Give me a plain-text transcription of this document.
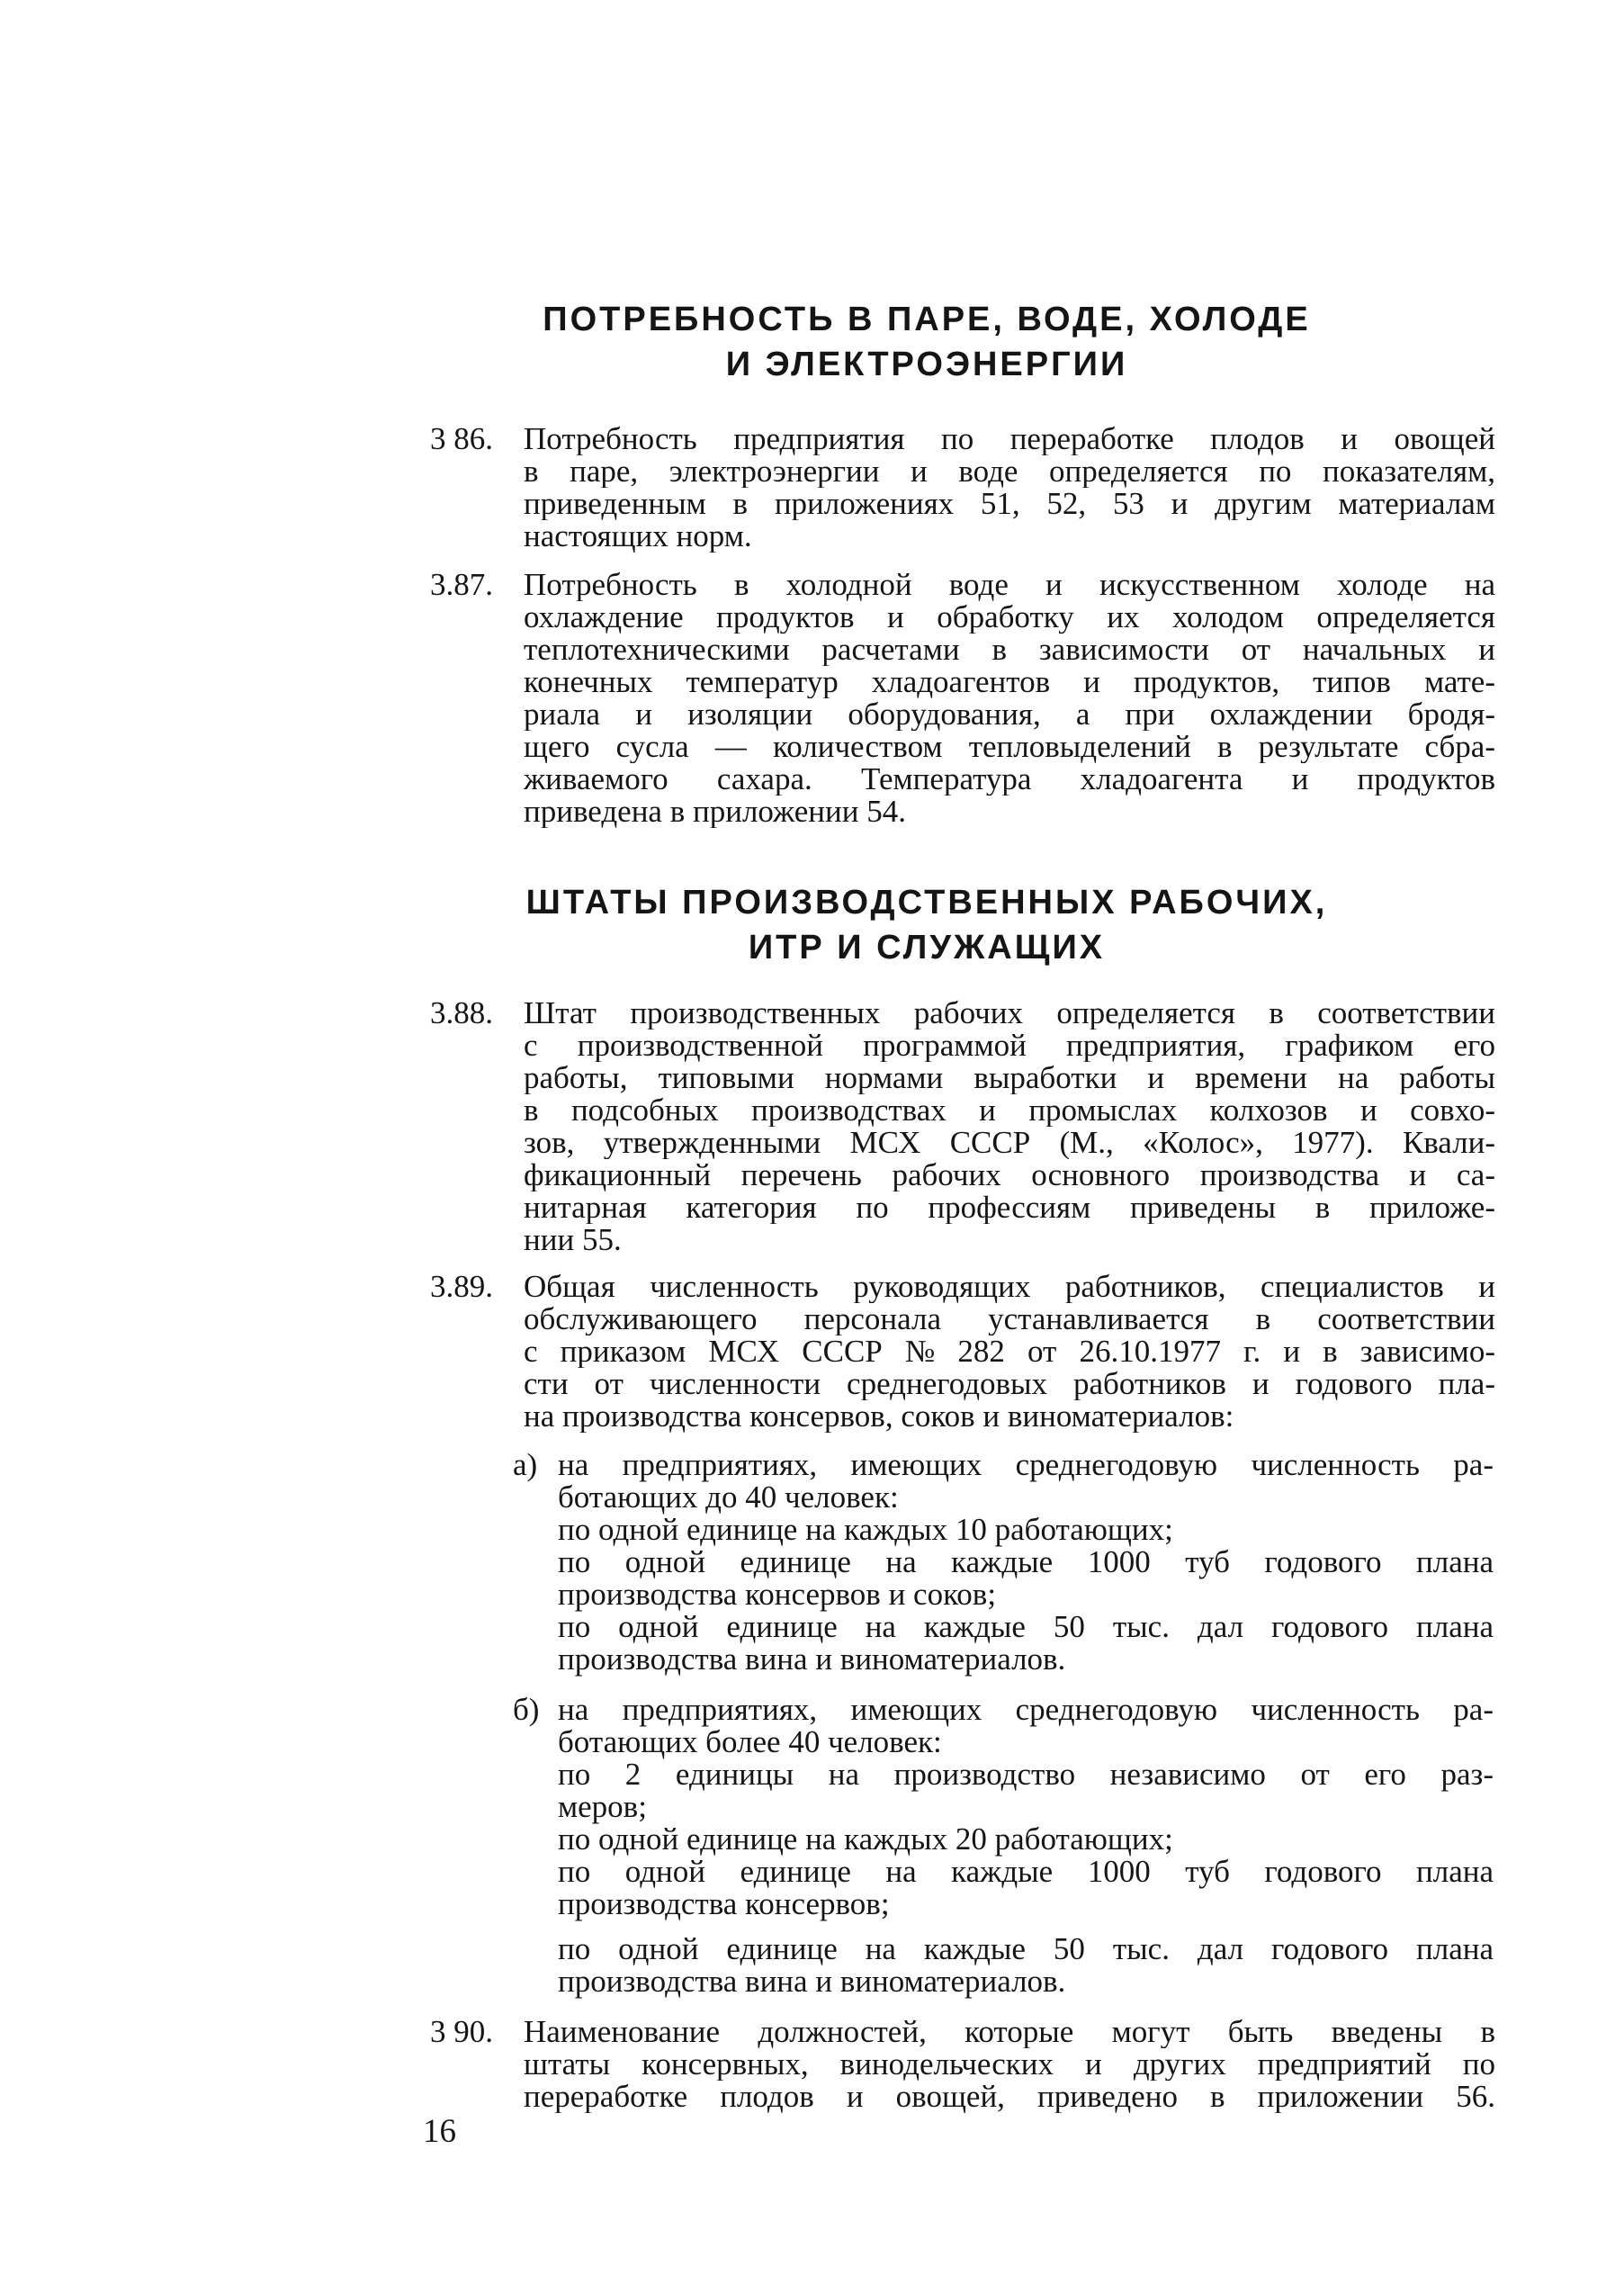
ПОТРЕБНОСТЬ В ПАРЕ, ВОДЕ, ХОЛОДЕ
И ЭЛЕКТРОЭНЕРГИИ
3 86. Потребность предприятия по переработке плодов и овощей
в паре, электроэнергии и воде определяется по показателям,
приведенным в приложениях 51, 52, 53 и другим материалам
настоящих норм.
3.87. Потребность в холодной воде и искусственном холоде на
охлаждение продуктов и обработку их холодом определяется
теплотехническими расчетами в зависимости от начальных и
конечных температур хладоагентов и продуктов, типов мате-
риала и изоляции оборудования, а при охлаждении бродя-
щего сусла — количеством тепловыделений в результате сбра-
живаемого сахара. Температура хладоагента и продуктов
приведена в приложении 54.
ШТАТЫ ПРОИЗВОДСТВЕННЫХ РАБОЧИХ,
ИТР И СЛУЖАЩИХ
3.88. Штат производственных рабочих определяется в соответствии
с производственной программой предприятия, графиком его
работы, типовыми нормами выработки и времени на работы
в подсобных производствах и промыслах колхозов и совхо-
зов, утвержденными МСХ СССР (М., «Колос», 1977). Квали-
фикационный перечень рабочих основного производства и са-
нитарная категория по профессиям приведены в приложе-
нии 55.
3.89. Общая численность руководящих работников, специалистов и
обслуживающего персонала устанавливается в соответствии
с приказом МСХ СССР № 282 от 26.10.1977 г. и в зависимо-
сти от численности среднегодовых работников и годового пла-
на производства консервов, соков и виноматериалов:
а) на предприятиях, имеющих среднегодовую численность ра-
ботающих до 40 человек:
по одной единице на каждых 10 работающих;
по одной единице на каждые 1000 туб годового плана
производства консервов и соков;
по одной единице на каждые 50 тыс. дал годового плана
производства вина и виноматериалов.
б) на предприятиях, имеющих среднегодовую численность ра-
ботающих более 40 человек:
по 2 единицы на производство независимо от его раз-
меров;
по одной единице на каждых 20 работающих;
по одной единице на каждые 1000 туб годового плана
производства консервов;
по одной единице на каждые 50 тыс. дал годового плана
производства вина и виноматериалов.
3 90. Наименование должностей, которые могут быть введены в
штаты консервных, винодельческих и других предприятий по
переработке плодов и овощей, приведено в приложении 56.
16
